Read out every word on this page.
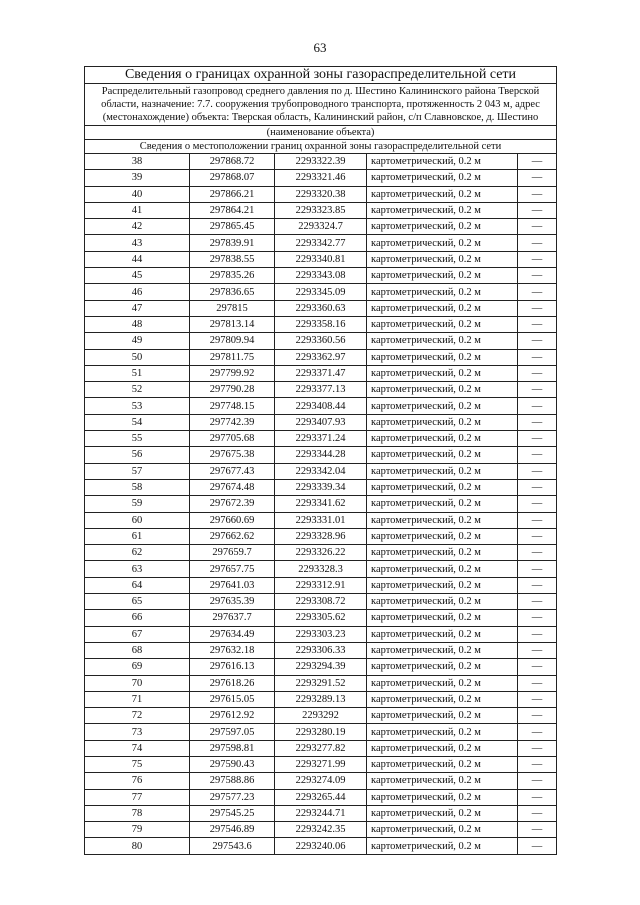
63
Сведения о границах охранной зоны газораспределительной сети
Распределительный газопровод среднего давления по д. Шестино Калининского района Тверской
области, назначение: 7.7. сооружения трубопроводного транспорта, протяженность 2 043 м, адрес
(местонахождение) объекта: Тверская область, Калининский район, с/п Славновское, д. Шестино
(наименование объекта)
Сведения о местоположении границ охранной зоны газораспределительной сети
38	297868.72	2293322.39	картометрический, 0.2 м	—
39	297868.07	2293321.46	картометрический, 0.2 м	—
40	297866.21	2293320.38	картометрический, 0.2 м	—
41	297864.21	2293323.85	картометрический, 0.2 м	—
42	297865.45	2293324.7	картометрический, 0.2 м	—
43	297839.91	2293342.77	картометрический, 0.2 м	—
44	297838.55	2293340.81	картометрический, 0.2 м	—
45	297835.26	2293343.08	картометрический, 0.2 м	—
46	297836.65	2293345.09	картометрический, 0.2 м	—
47	297815	2293360.63	картометрический, 0.2 м	—
48	297813.14	2293358.16	картометрический, 0.2 м	—
49	297809.94	2293360.56	картометрический, 0.2 м	—
50	297811.75	2293362.97	картометрический, 0.2 м	—
51	297799.92	2293371.47	картометрический, 0.2 м	—
52	297790.28	2293377.13	картометрический, 0.2 м	—
53	297748.15	2293408.44	картометрический, 0.2 м	—
54	297742.39	2293407.93	картометрический, 0.2 м	—
55	297705.68	2293371.24	картометрический, 0.2 м	—
56	297675.38	2293344.28	картометрический, 0.2 м	—
57	297677.43	2293342.04	картометрический, 0.2 м	—
58	297674.48	2293339.34	картометрический, 0.2 м	—
59	297672.39	2293341.62	картометрический, 0.2 м	—
60	297660.69	2293331.01	картометрический, 0.2 м	—
61	297662.62	2293328.96	картометрический, 0.2 м	—
62	297659.7	2293326.22	картометрический, 0.2 м	—
63	297657.75	2293328.3	картометрический, 0.2 м	—
64	297641.03	2293312.91	картометрический, 0.2 м	—
65	297635.39	2293308.72	картометрический, 0.2 м	—
66	297637.7	2293305.62	картометрический, 0.2 м	—
67	297634.49	2293303.23	картометрический, 0.2 м	—
68	297632.18	2293306.33	картометрический, 0.2 м	—
69	297616.13	2293294.39	картометрический, 0.2 м	—
70	297618.26	2293291.52	картометрический, 0.2 м	—
71	297615.05	2293289.13	картометрический, 0.2 м	—
72	297612.92	2293292	картометрический, 0.2 м	—
73	297597.05	2293280.19	картометрический, 0.2 м	—
74	297598.81	2293277.82	картометрический, 0.2 м	—
75	297590.43	2293271.99	картометрический, 0.2 м	—
76	297588.86	2293274.09	картометрический, 0.2 м	—
77	297577.23	2293265.44	картометрический, 0.2 м	—
78	297545.25	2293244.71	картометрический, 0.2 м	—
79	297546.89	2293242.35	картометрический, 0.2 м	—
80	297543.6	2293240.06	картометрический, 0.2 м	—
